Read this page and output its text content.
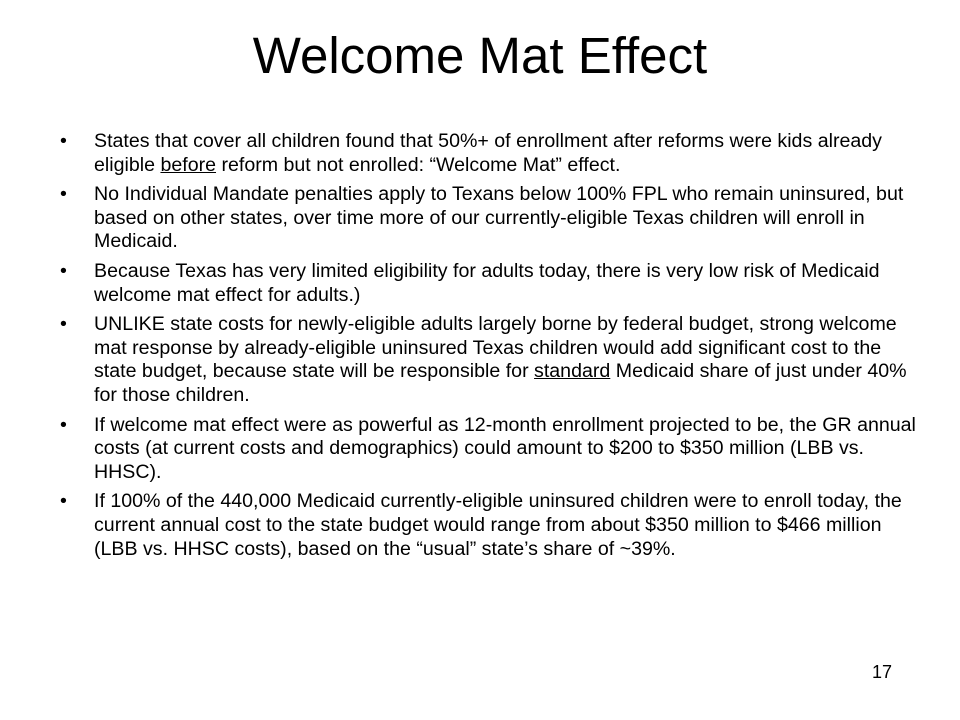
Welcome Mat Effect
• States that cover all children found that 50%+ of enrollment after reforms were kids already eligible before reform but not enrolled: “Welcome Mat” effect.
• No Individual Mandate penalties apply to Texans below 100% FPL who remain uninsured, but based on other states, over time more of our currently-eligible Texas children will enroll in Medicaid.
• Because Texas has very limited eligibility for adults today, there is very low risk of Medicaid welcome mat effect for adults.)
• UNLIKE state costs for newly-eligible adults largely borne by federal budget, strong welcome mat response by already-eligible uninsured Texas children would add significant cost to the state budget, because state will be responsible for standard Medicaid share of just under 40% for those children.
• If welcome mat effect were as powerful as 12-month enrollment projected to be, the GR annual costs (at current costs and demographics) could amount to $200 to $350 million (LBB vs. HHSC).
• If 100% of the 440,000 Medicaid currently-eligible uninsured children were to enroll today, the current annual cost to the state budget would range from about $350 million to $466 million (LBB vs. HHSC costs), based on the “usual” state’s share of ~39%.
17
